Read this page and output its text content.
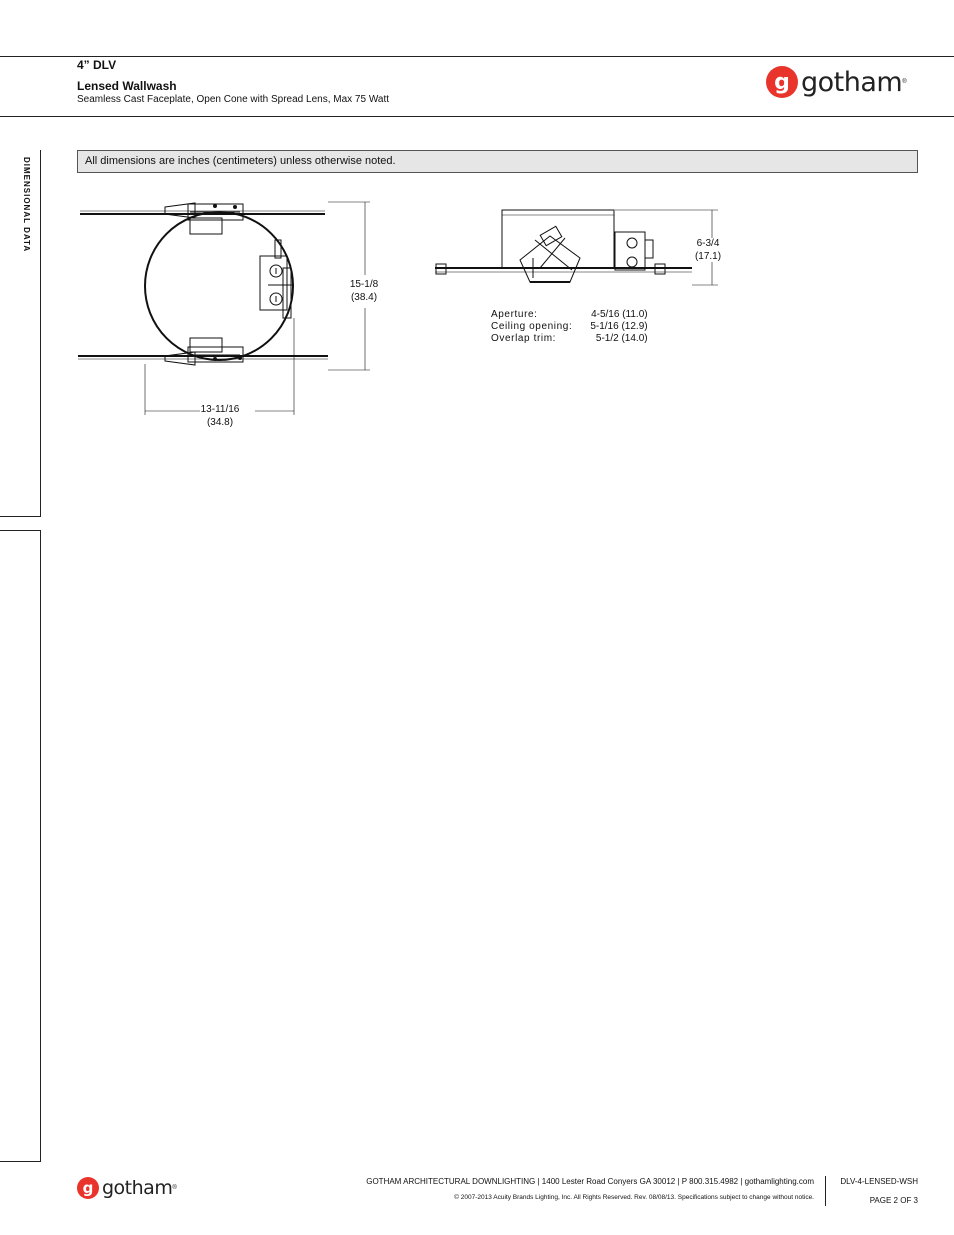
4” DLV
Lensed Wallwash
Seamless Cast Faceplate, Open Cone with Spread Lens, Max 75 Watt
g gotham ®
DIMENSIONAL DATA	All dimensions are inches (centimeters) unless otherwise noted.
15-1/8
(38.4)
13-11/16
(34.8)
6-3/4
(17.1)
Aperture:	4-5/16 (11.0)
Ceiling opening:	5-1/16 (12.9)
Overlap trim:	5-1/2 (14.0)
g gotham ®
GOTHAM ARCHITECTURAL DOWNLIGHTING | 1400 Lester Road Conyers GA 30012 | P 800.315.4982 | gothamlighting.com
© 2007-2013 Acuity Brands Lighting, Inc. All Rights Reserved. Rev. 08/08/13. Specifications subject to change without notice.
DLV-4-LENSED-WSH
PAGE 2 OF 3
